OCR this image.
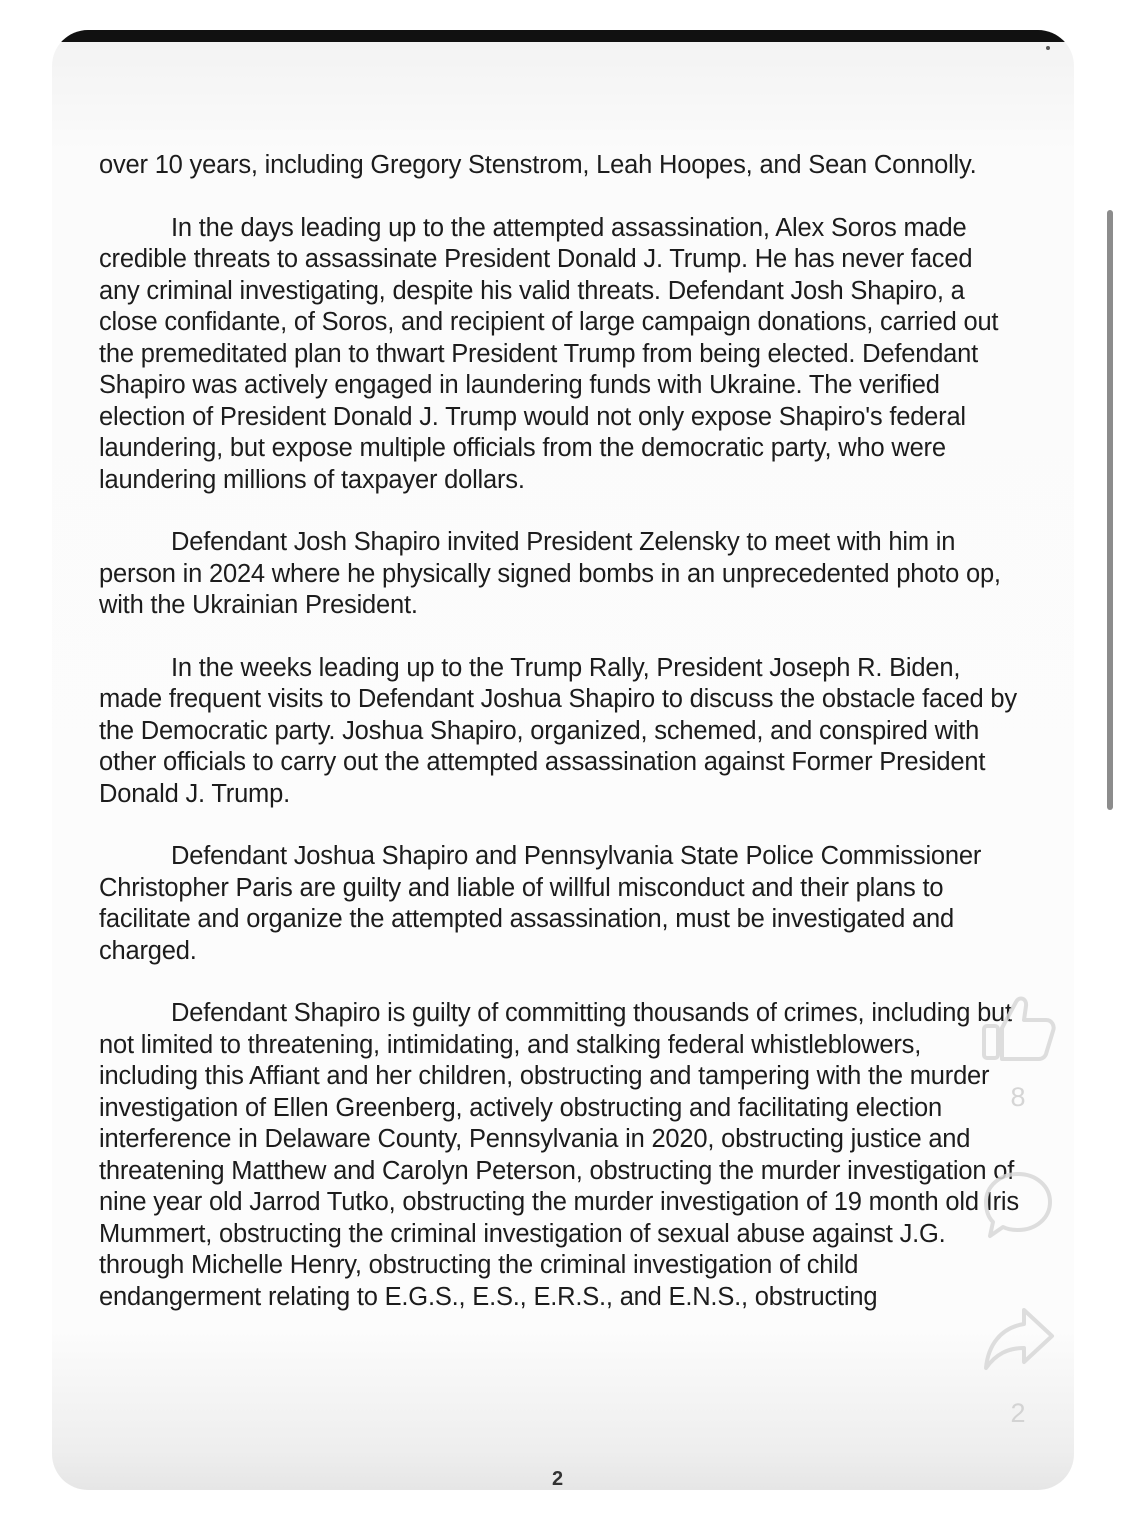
over 10 years, including Gregory Stenstrom, Leah Hoopes, and Sean Connolly.

In the days leading up to the attempted assassination, Alex Soros made credible threats to assassinate President Donald J. Trump. He has never faced any criminal investigating, despite his valid threats. Defendant Josh Shapiro, a close confidante, of Soros, and recipient of large campaign donations, carried out the premeditated plan to thwart President Trump from being elected. Defendant Shapiro was actively engaged in laundering funds with Ukraine. The verified election of President Donald J. Trump would not only expose Shapiro's federal laundering, but expose multiple officials from the democratic party, who were laundering millions of taxpayer dollars.

Defendant Josh Shapiro invited President Zelensky to meet with him in person in 2024 where he physically signed bombs in an unprecedented photo op, with the Ukrainian President.

In the weeks leading up to the Trump Rally, President Joseph R. Biden, made frequent visits to Defendant Joshua Shapiro to discuss the obstacle faced by the Democratic party. Joshua Shapiro, organized, schemed, and conspired with other officials to carry out the attempted assassination against Former President Donald J. Trump.

Defendant Joshua Shapiro and Pennsylvania State Police Commissioner Christopher Paris are guilty and liable of willful misconduct and their plans to facilitate and organize the attempted assassination, must be investigated and charged.

Defendant Shapiro is guilty of committing thousands of crimes, including but not limited to threatening, intimidating, and stalking federal whistleblowers, including this Affiant and her children, obstructing and tampering with the murder investigation of Ellen Greenberg, actively obstructing and facilitating election interference in Delaware County, Pennsylvania in 2020, obstructing justice and threatening Matthew and Carolyn Peterson, obstructing the murder investigation of nine year old Jarrod Tutko, obstructing the murder investigation of 19 month old Iris Mummert, obstructing the criminal investigation of sexual abuse against J.G. through Michelle Henry, obstructing the criminal investigation of child endangerment relating to E.G.S., E.S., E.R.S., and E.N.S., obstructing

2
8
2
